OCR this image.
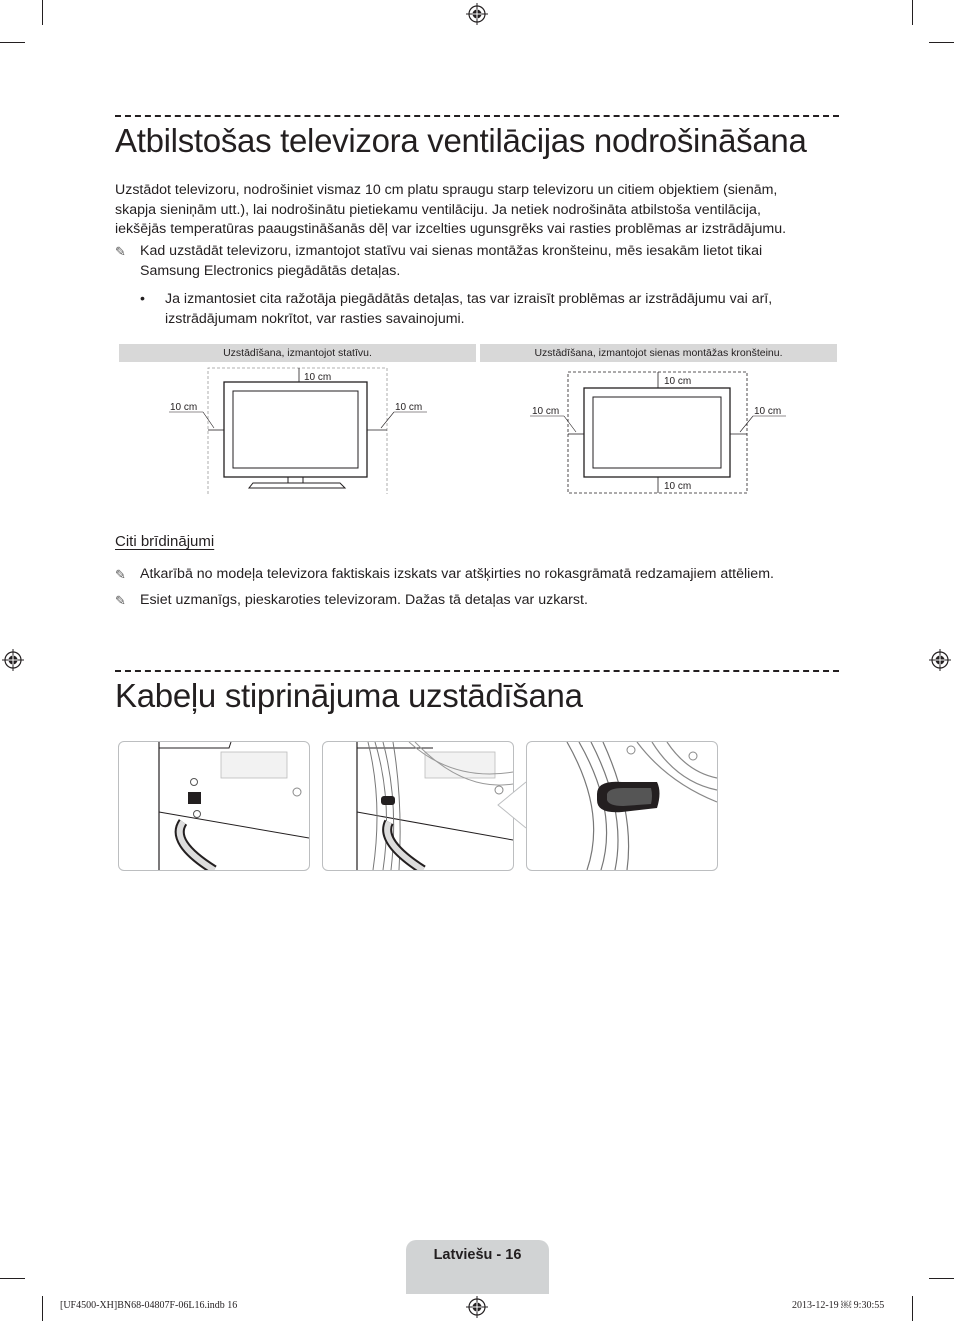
Atbilstošas televizora ventilācijas nodrošināšana

Uzstādot televizoru, nodrošiniet vismaz 10 cm platu spraugu starp televizoru un citiem objektiem (sienām,

skapja sieniņām utt.), lai nodrošinātu pietiekamu ventilāciju. Ja netiek nodrošināta atbilstoša ventilācija,

iekšējās temperatūras paaugstināšanās dēļ var izcelties ugunsgrēks vai rasties problēmas ar izstrādājumu.

✎ Kad uzstādāt televizoru, izmantojot statīvu vai sienas montāžas kronšteinu, mēs iesakām lietot tikai

Samsung Electronics piegādātās detaļas.

• Ja izmantosiet cita ražotāja piegādātās detaļas, tas var izraisīt problēmas ar izstrādājumu vai arī,

izstrādājumam nokrītot, var rasties savainojumi.

Uzstādīšana, izmantojot statīvu.	Uzstādīšana, izmantojot sienas montāžas kronšteinu.
10 cm
10 cm	10 cm
10 cm
10 cm	10 cm
10 cm
Citi brīdinājumi
✎ Atkarībā no modeļa televizora faktiskais izskats var atšķirties no rokasgrāmatā redzamajiem attēliem.

✎ Esiet uzmanīgs, pieskaroties televizoram. Dažas tā detaļas var uzkarst.

Kabeļu stiprinājuma uzstādīšana
Latviešu - 16
[UF4500-XH]BN68-04807F-06L16.indb 16	2013-12-19 ￼ 9:30:55
